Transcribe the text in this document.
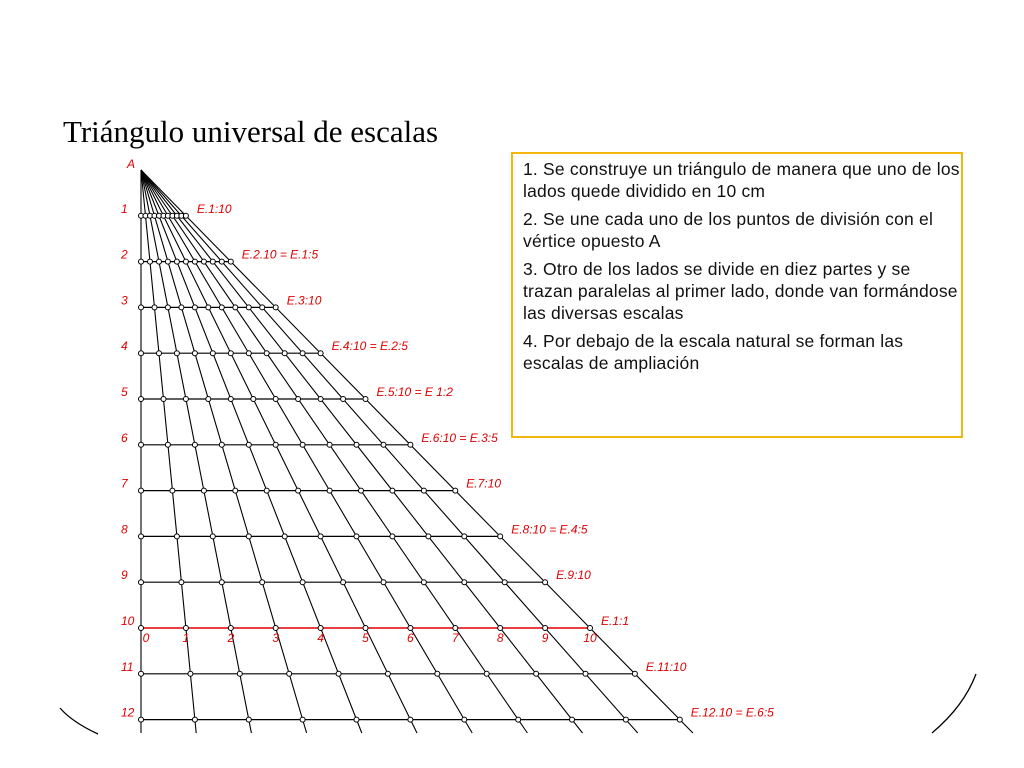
Triángulo universal de escalas
1	E.1:10
2	E.2.10 = E.1:5
3	E.3:10
4	E.4:10 = E.2:5
5	E.5:10 = E 1:2
6	E.6:10 = E.3:5
7	E.7:10
8	E.8:10 = E.4:5
9	E.9:10
10	E.1:1
11	E.11:10
12	E.12.10 = E.6:5
0	1	2	3	4	5	6	7	8	9	10
A	1. Se construye un triángulo de manera que uno de los lados quede dividido en 10 cm

2. Se une cada uno de los puntos de división con el vértice opuesto A

3. Otro de los lados se divide en diez partes y se trazan paralelas al primer lado, donde van formándose las diversas escalas

4. Por debajo de la escala natural se forman las escalas de ampliación
